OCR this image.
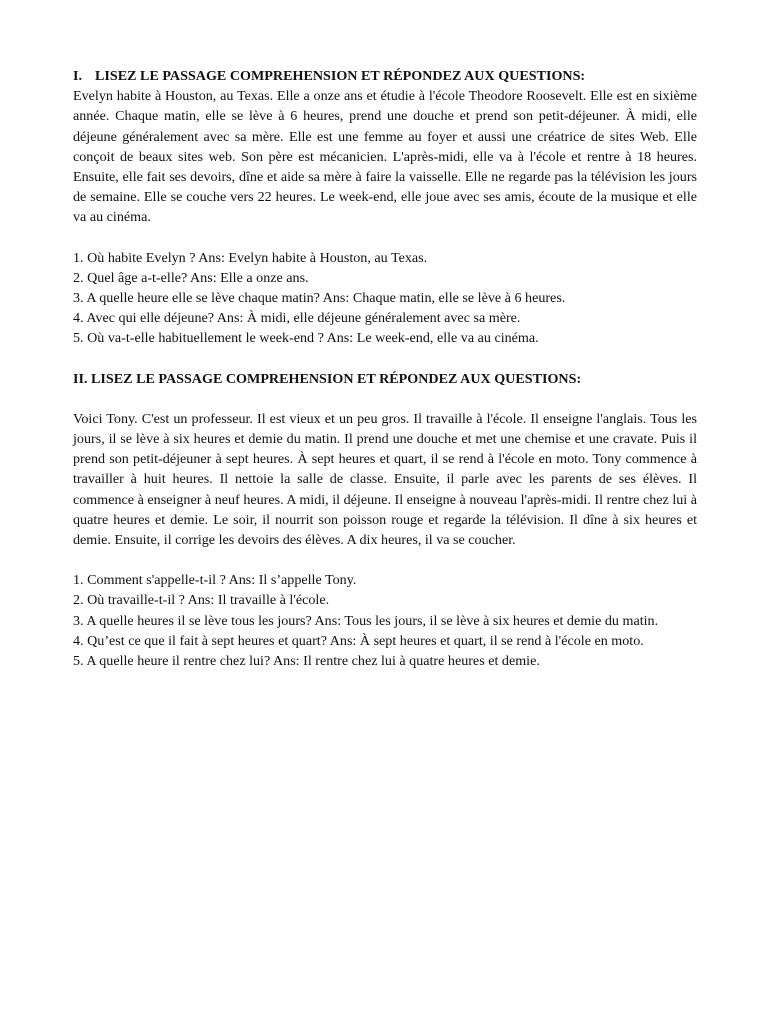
I. LISEZ LE PASSAGE COMPREHENSION ET RÉPONDEZ AUX QUESTIONS:

Evelyn habite à Houston, au Texas. Elle a onze ans et étudie à l'école Theodore Roosevelt. Elle est en sixième année. Chaque matin, elle se lève à 6 heures, prend une douche et prend son petit-déjeuner. À midi, elle déjeune généralement avec sa mère. Elle est une femme au foyer et aussi une créatrice de sites Web. Elle conçoit de beaux sites web. Son père est mécanicien. L'après-midi, elle va à l'école et rentre à 18 heures. Ensuite, elle fait ses devoirs, dîne et aide sa mère à faire la vaisselle. Elle ne regarde pas la télévision les jours de semaine. Elle se couche vers 22 heures. Le week-end, elle joue avec ses amis, écoute de la musique et elle va au cinéma.

1. Où habite Evelyn ? Ans: Evelyn habite à Houston, au Texas.
2. Quel âge a-t-elle? Ans: Elle a onze ans.
3. A quelle heure elle se lève chaque matin? Ans: Chaque matin, elle se lève à 6 heures.
4. Avec qui elle déjeune? Ans: À midi, elle déjeune généralement avec sa mère.
5. Où va-t-elle habituellement le week-end ? Ans: Le week-end, elle va au cinéma.

II. LISEZ LE PASSAGE COMPREHENSION ET RÉPONDEZ AUX QUESTIONS:

Voici Tony. C'est un professeur. Il est vieux et un peu gros. Il travaille à l'école. Il enseigne l'anglais. Tous les jours, il se lève à six heures et demie du matin. Il prend une douche et met une chemise et une cravate. Puis il prend son petit-déjeuner à sept heures. À sept heures et quart, il se rend à l'école en moto. Tony commence à travailler à huit heures. Il nettoie la salle de classe. Ensuite, il parle avec les parents de ses élèves. Il commence à enseigner à neuf heures. A midi, il déjeune. Il enseigne à nouveau l'après-midi. Il rentre chez lui à quatre heures et demie. Le soir, il nourrit son poisson rouge et regarde la télévision. Il dîne à six heures et demie. Ensuite, il corrige les devoirs des élèves. A dix heures, il va se coucher.

1. Comment s'appelle-t-il ? Ans: Il s’appelle Tony.
2. Où travaille-t-il ? Ans: Il travaille à l'école.
3. A quelle heures il se lève tous les jours? Ans: Tous les jours, il se lève à six heures et demie du matin.
4. Qu’est ce que il fait à sept heures et quart? Ans: À sept heures et quart, il se rend à l'école en moto.
5. A quelle heure il rentre chez lui? Ans: Il rentre chez lui à quatre heures et demie.
